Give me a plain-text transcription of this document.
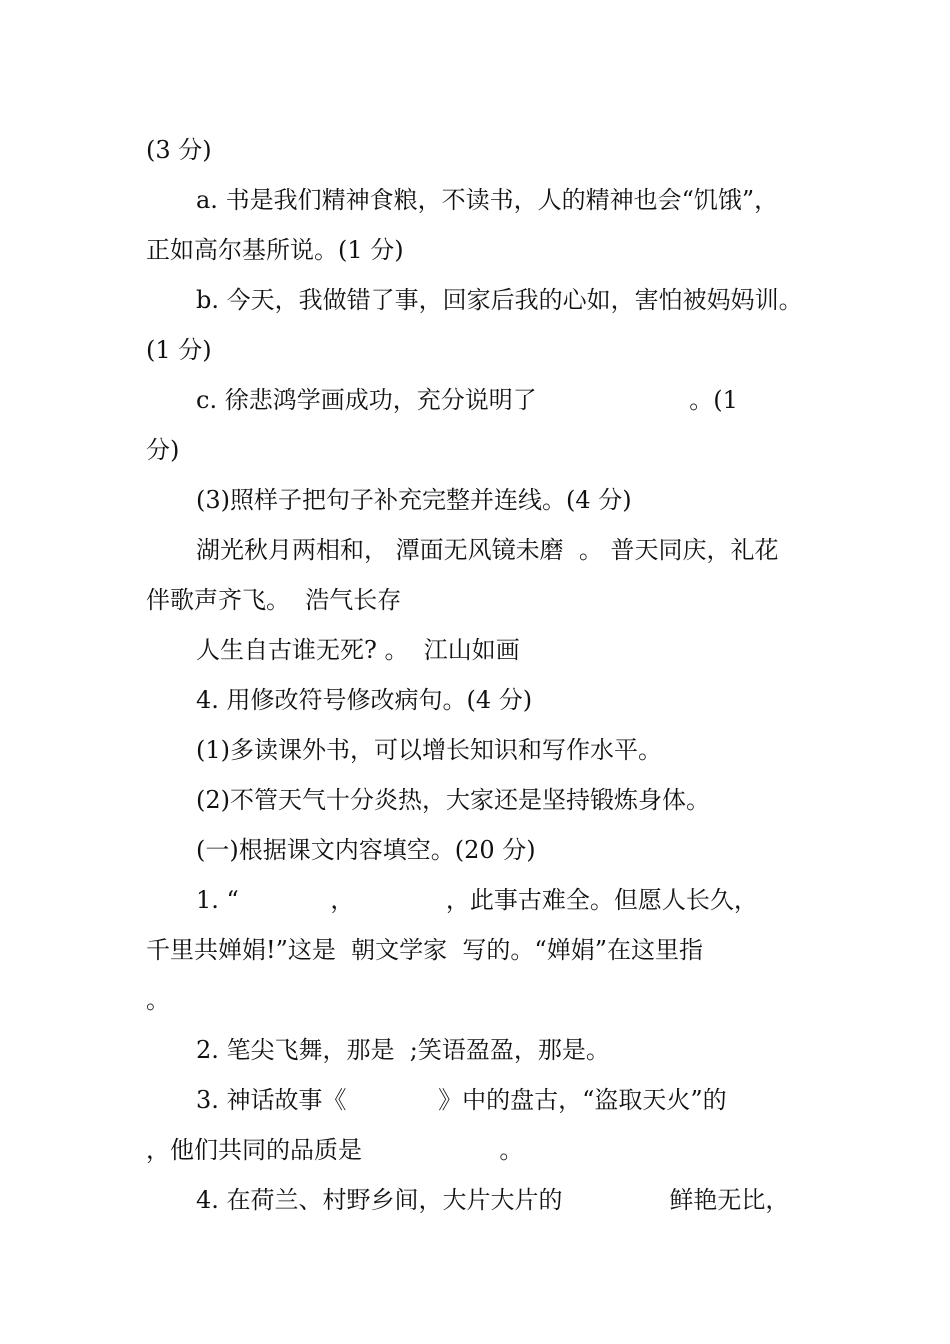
(3 分)
a. 书是我们精神食粮，不读书，人的精神也会“饥饿”，
正如高尔基所说。(1 分)
b. 今天，我做错了事，回家后我的心如，害怕被妈妈训。
(1 分)
c. 徐悲鸿学画成功，充分说明了                    。(1
分)
(3)照样子把句子补充完整并连线。(4 分)
湖光秋月两相和， 潭面无风镜未磨  。 普天同庆，礼花
伴歌声齐飞。  浩气长存
人生自古谁无死? 。  江山如画
4. 用修改符号修改病句。(4 分)
(1)多读课外书，可以增长知识和写作水平。
(2)不管天气十分炎热，大家还是坚持锻炼身体。
(一)根据课文内容填空。(20 分)
1. “            ，            ，此事古难全。但愿人长久，
千里共婵娟!”这是  朝文学家  写的。“婵娟”在这里指
。
2. 笔尖飞舞，那是  ;笑语盈盈，那是。
3. 神话故事《            》中的盘古，“盗取天火”的
，他们共同的品质是                  。
4. 在荷兰、村野乡间，大片大片的              鲜艳无比，
